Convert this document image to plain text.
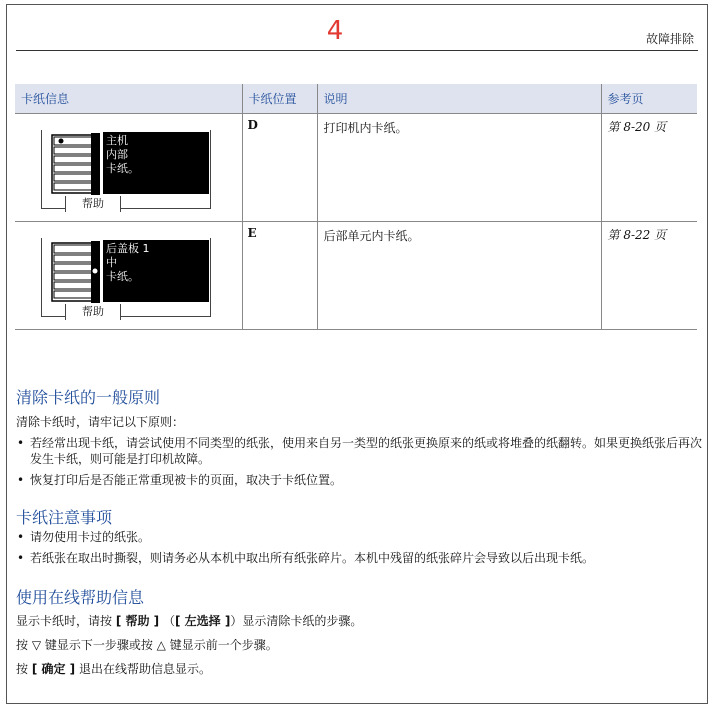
4	故障排除
卡纸信息	卡纸位置	说明	参考页

主机
内部
卡纸。
帮助	D	打印机内卡纸。	第 8-20 页

后盖板 1
中
卡纸。
帮助	E	后部单元内卡纸。	第 8-22 页
清除卡纸的一般原则

清除卡纸时，请牢记以下原则：

• 若经常出现卡纸，请尝试使用不同类型的纸张，使用来自另一类型的纸张更换原来的纸或将堆叠的纸翻转。如果更换纸张后再次发生卡纸，则可能是打印机故障。
• 恢复打印后是否能正常重现被卡的页面，取决于卡纸位置。
卡纸注意事项
• 请勿使用卡过的纸张。
• 若纸张在取出时撕裂，则请务必从本机中取出所有纸张碎片。本机中残留的纸张碎片会导致以后出现卡纸。
使用在线帮助信息

显示卡纸时，请按 [ 帮助 ] （[ 左选择 ]）显示清除卡纸的步骤。

按 ▽ 键显示下一步骤或按 △ 键显示前一个步骤。

按 [ 确定 ] 退出在线帮助信息显示。
